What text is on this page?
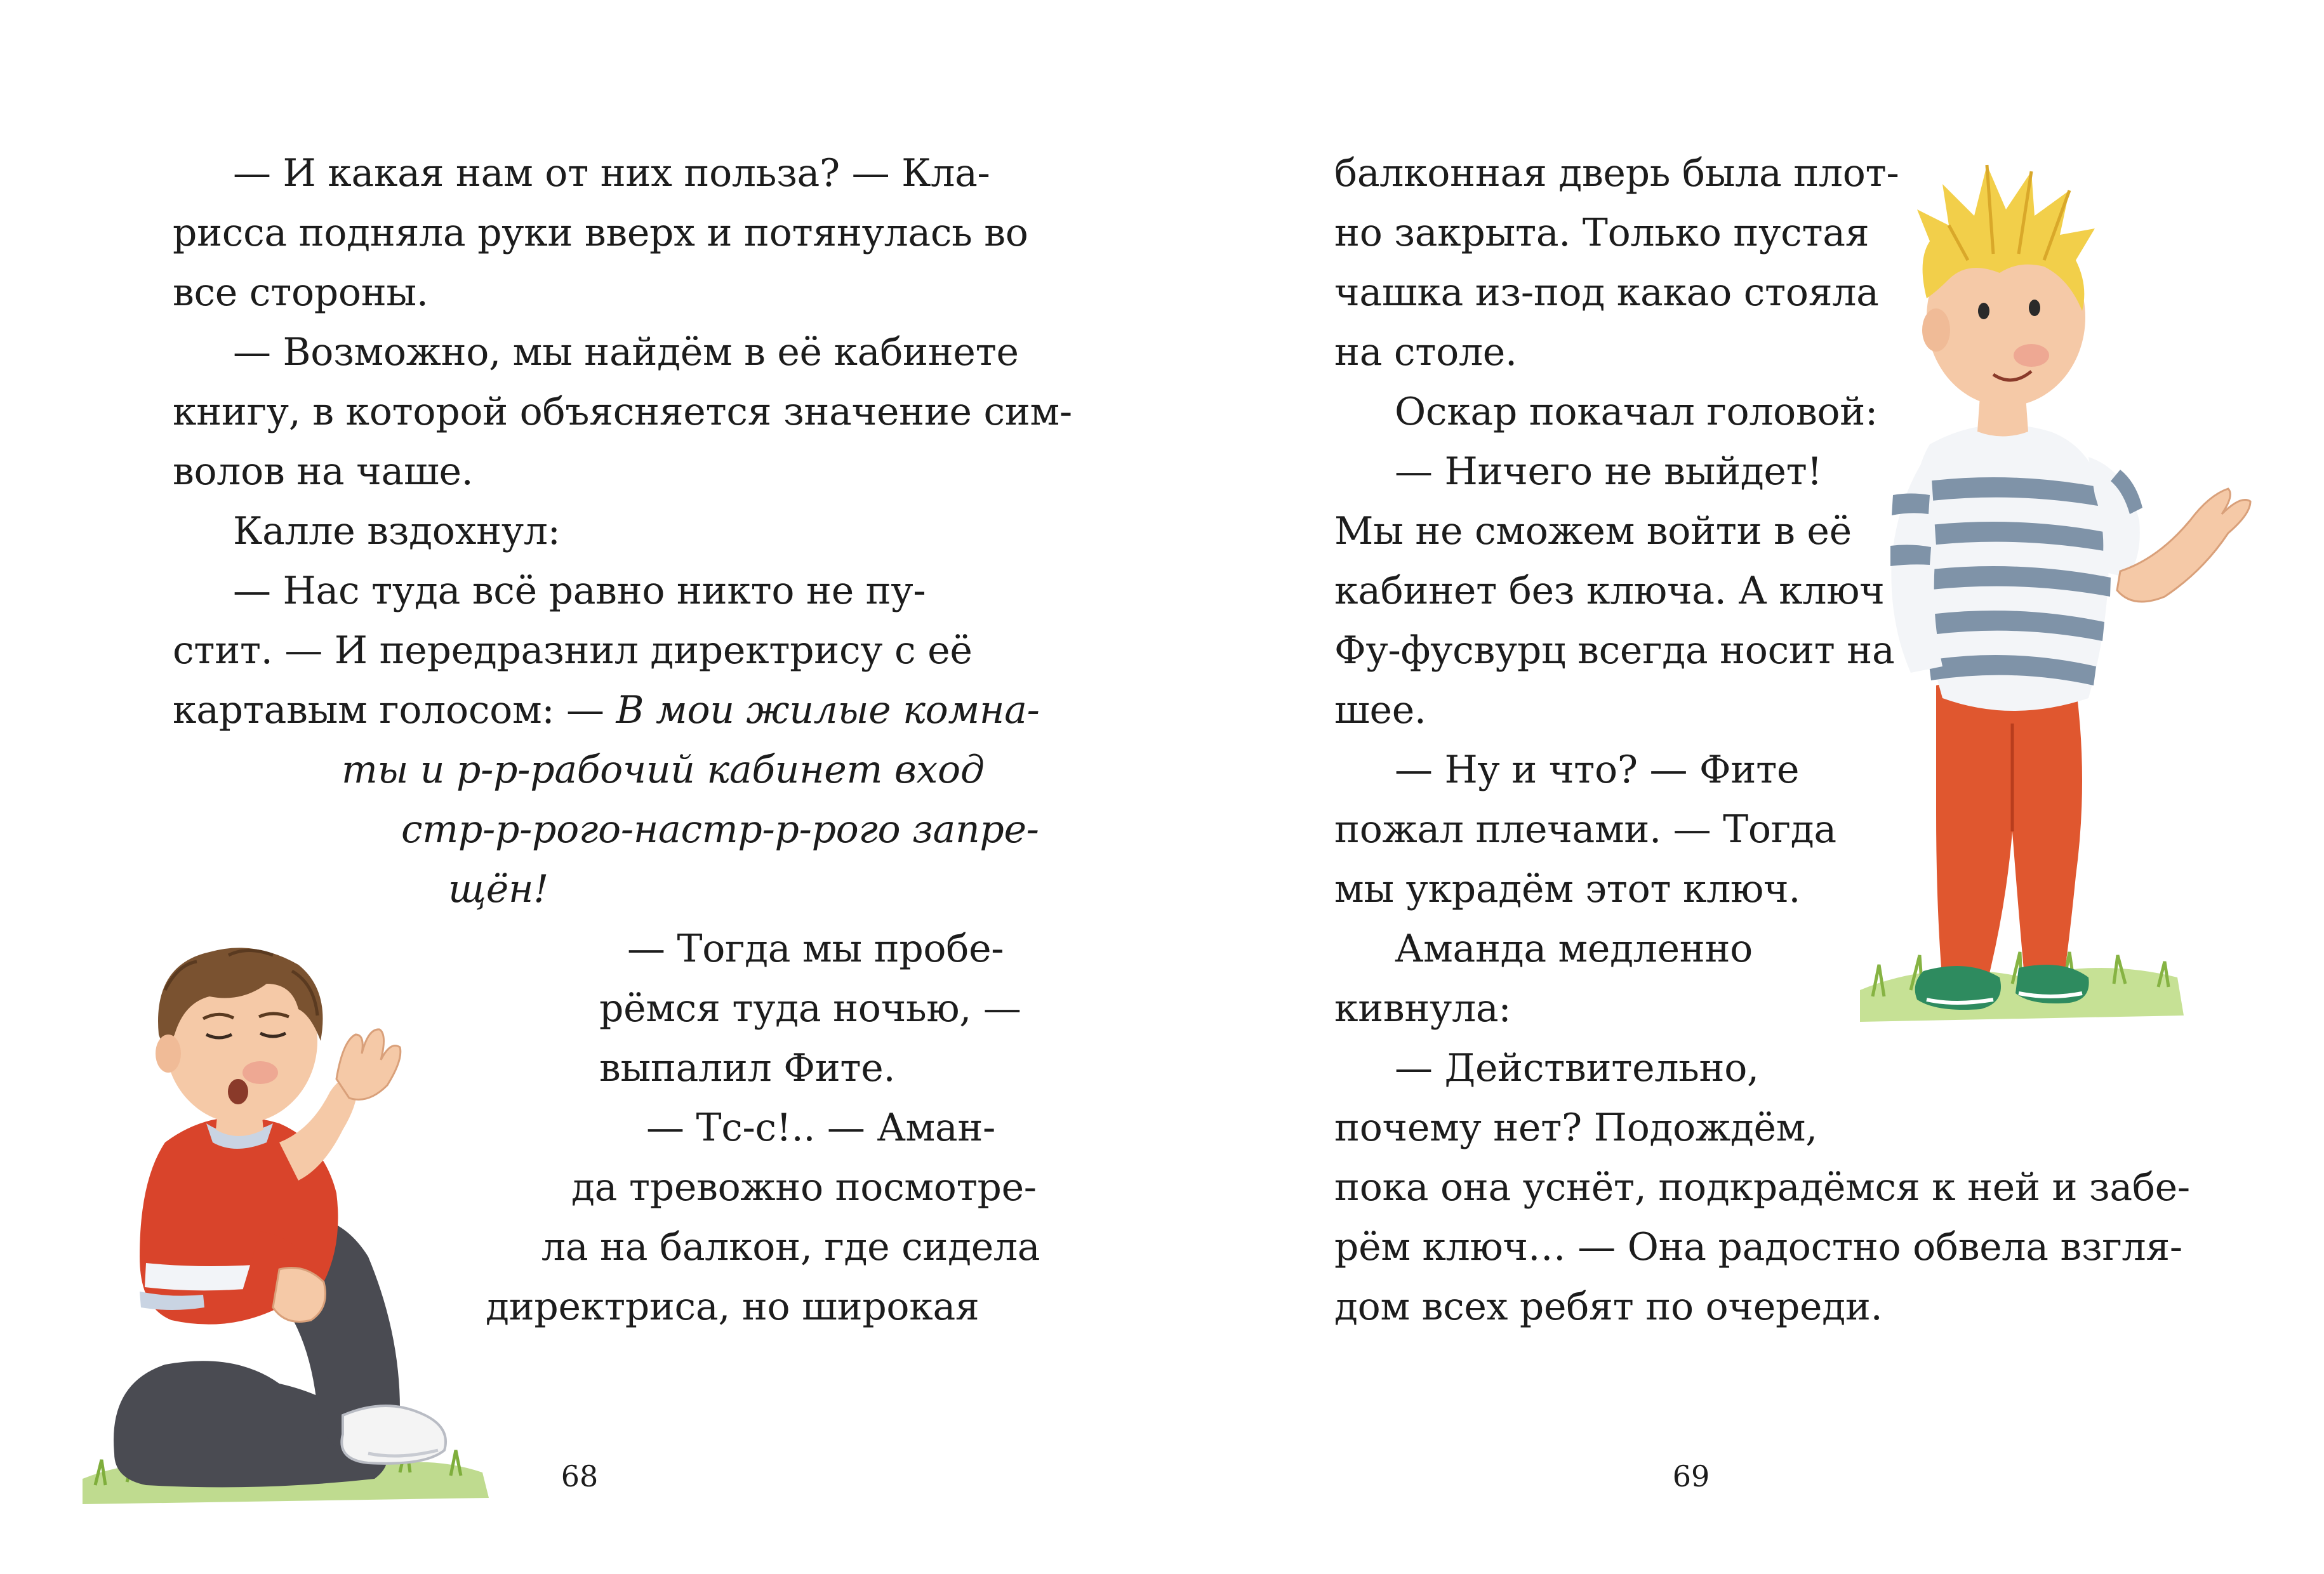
— И какая нам от них польза? — Кла-
рисса подняла руки вверх и потянулась во
все стороны.
— Возможно, мы найдём в её кабинете
книгу, в которой объясняется значение сим-
волов на чаше.
Калле вздохнул:
— Нас туда всё равно никто не пу-
стит. — И передразнил директрису с её
картавым голосом: — В мои жилые комна-
ты и р-р-рабочий кабинет вход
стр-р-рого-настр-р-рого запре-
щён!
— Тогда мы пробе-
рёмся туда ночью, —
выпалил Фите.
— Тс-с!.. — Аман-
да тревожно посмотре-
ла на балкон, где сидела
директриса, но широкая
68
балконная дверь была плот-
но закрыта. Только пустая
чашка из-под какао стояла
на столе.
Оскар покачал головой:
— Ничего не выйдет!
Мы не сможем войти в её
кабинет без ключа. А ключ
Фу-фусвурц всегда носит на
шее.
— Ну и что? — Фите
пожал плечами. — Тогда
мы украдём этот ключ.
Аманда медленно
кивнула:
— Действительно,
почему нет? Подождём,
пока она уснёт, подкрадёмся к ней и забе-
рём ключ… — Она радостно обвела взгля-
дом всех ребят по очереди.
69
